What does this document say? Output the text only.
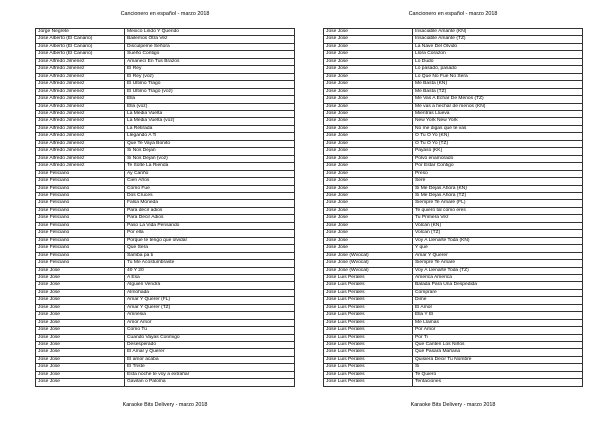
Cancionero en español - marzo 2018
Jorge Negrete	Mexico Lindo Y Querido
Jose Alberto (El Canario)	Bailemos Otra Vez
Jose Alberto (El Canario)	Disculpeme Señora
Jose Alberto (El Canario)	Sueño Contigo
Jose Alfredo Jimenez	Amanecí En Tus Brazos
Jose Alfredo Jimenez	El Rey
Jose Alfredo Jimenez	El Rey (voz)
Jose Alfredo Jimenez	El Ultimo Trago
Jose Alfredo Jimenez	El Ultimo Trago (voz)
Jose Alfredo Jimenez	Ella
Jose Alfredo Jimenez	Ella (voz)
Jose Alfredo Jimenez	La Media Vuelta
Jose Alfredo Jimenez	La Media Vuelta (voz)
Jose Alfredo Jimenez	La Retirada
Jose Alfredo Jimenez	Llegando A Ti
Jose Alfredo Jimenez	Que Te Vaya Bonito
Jose Alfredo Jimenez	Si Nos Dejan
Jose Alfredo Jimenez	Si Nos Dejan (voz)
Jose Alfredo Jimenez	Te Solte La Rienda
Jose Feliciano	Ay Cariño
Jose Feliciano	Cien Años
Jose Feliciano	Como Fue
Jose Feliciano	Dos Cruces
Jose Feliciano	Falsa Moneda
Jose Feliciano	Para decir adios
Jose Feliciano	Para Decir Adios
Jose Feliciano	Paso La Vida Pensando
Jose Feliciano	Por ella
Jose Feliciano	Porque te tengo que olvidar
Jose Feliciano	Que Sera
Jose Feliciano	Samba pa ti
Jose Feliciano	Tu Me Acostumbraste
Jose Jose	40 Y 20
Jose Jose	A Esa
Jose Jose	Alguien Vendrá
Jose Jose	Almohada
Jose Jose	Amar Y Querer (FL)
Jose Jose	Amar Y Querer (TZ)
Jose Jose	Amnesia
Jose Jose	Amor Amor
Jose Jose	Como Tú
Jose Jose	Cuando Vayas Conmigo
Jose Jose	Desesperado
Jose Jose	El Amar y Querer
Jose Jose	El amor acaba
Jose Jose	El Triste
Jose Jose	Esta noche te voy a extrañar
Jose Jose	Gavilan o Paloma
Karaoke Bits Delivery - marzo 2018
Cancionero en español - marzo 2018
Jose Jose	Insaciable Amante (KN)
Jose Jose	Insaciable Amante (TZ)
Jose Jose	La Nave Del Olvido
Jose Jose	Llora Corazon
Jose Jose	Lo Dudo
Jose Jose	Lo pasado, pasado
Jose Jose	Lo Que No Fue No Sera
Jose Jose	Me Basta (KN)
Jose Jose	Me Basta (TZ)
Jose Jose	Me Vas A Echar De Menos (TZ)
Jose Jose	Me vas a hechar de menos (KN)
Jose Jose	Mientras Llueva
Jose Jose	New York New York
Jose Jose	No me digas que te vas
Jose Jose	O Tu O Yo (KN)
Jose Jose	O Tu O Yo (TZ)
Jose Jose	Payaso [KK]
Jose Jose	Polvo enamorado
Jose Jose	Por Estar Contigo
Jose Jose	Preso
Jose Jose	Seré
Jose Jose	Si Me Dejas Ahora (KN)
Jose Jose	Si Me Dejas Ahora (TZ)
Jose Jose	Siempre Te Amaré (FL)
Jose Jose	Te quiero tal como eres
Jose Jose	Tu Primera Vez
Jose Jose	Volcán (KN)
Jose Jose	Volcan (TZ)
Jose Jose	Voy A Llenarte Toda (KN)
Jose Jose	Y qué
Jose Jose (Wvocal)	Amar Y Querer
Jose Jose (Wvocal)	Siempre Te Amaré
Jose Jose (Wvocal)	Voy A Llenarte Toda (TZ)
Jose Luis Perales	America America
Jose Luis Perales	Balada Para Una Despedida
Jose Luis Perales	Comprare
Jose Luis Perales	Dime
Jose Luis Perales	El Amor
Jose Luis Perales	Ella Y El
Jose Luis Perales	Me Llamas
Jose Luis Perales	Por Amor
Jose Luis Perales	Por Ti
Jose Luis Perales	Que Canten Los Niños
Jose Luis Perales	Qué Pasará Mañana
Jose Luis Perales	Quisiera Decir Tu Nombre
Jose Luis Perales	Si
Jose Luis Perales	Te Quiero
Jose Luis Perales	Tentaciones
Karaoke Bits Delivery - marzo 2018
